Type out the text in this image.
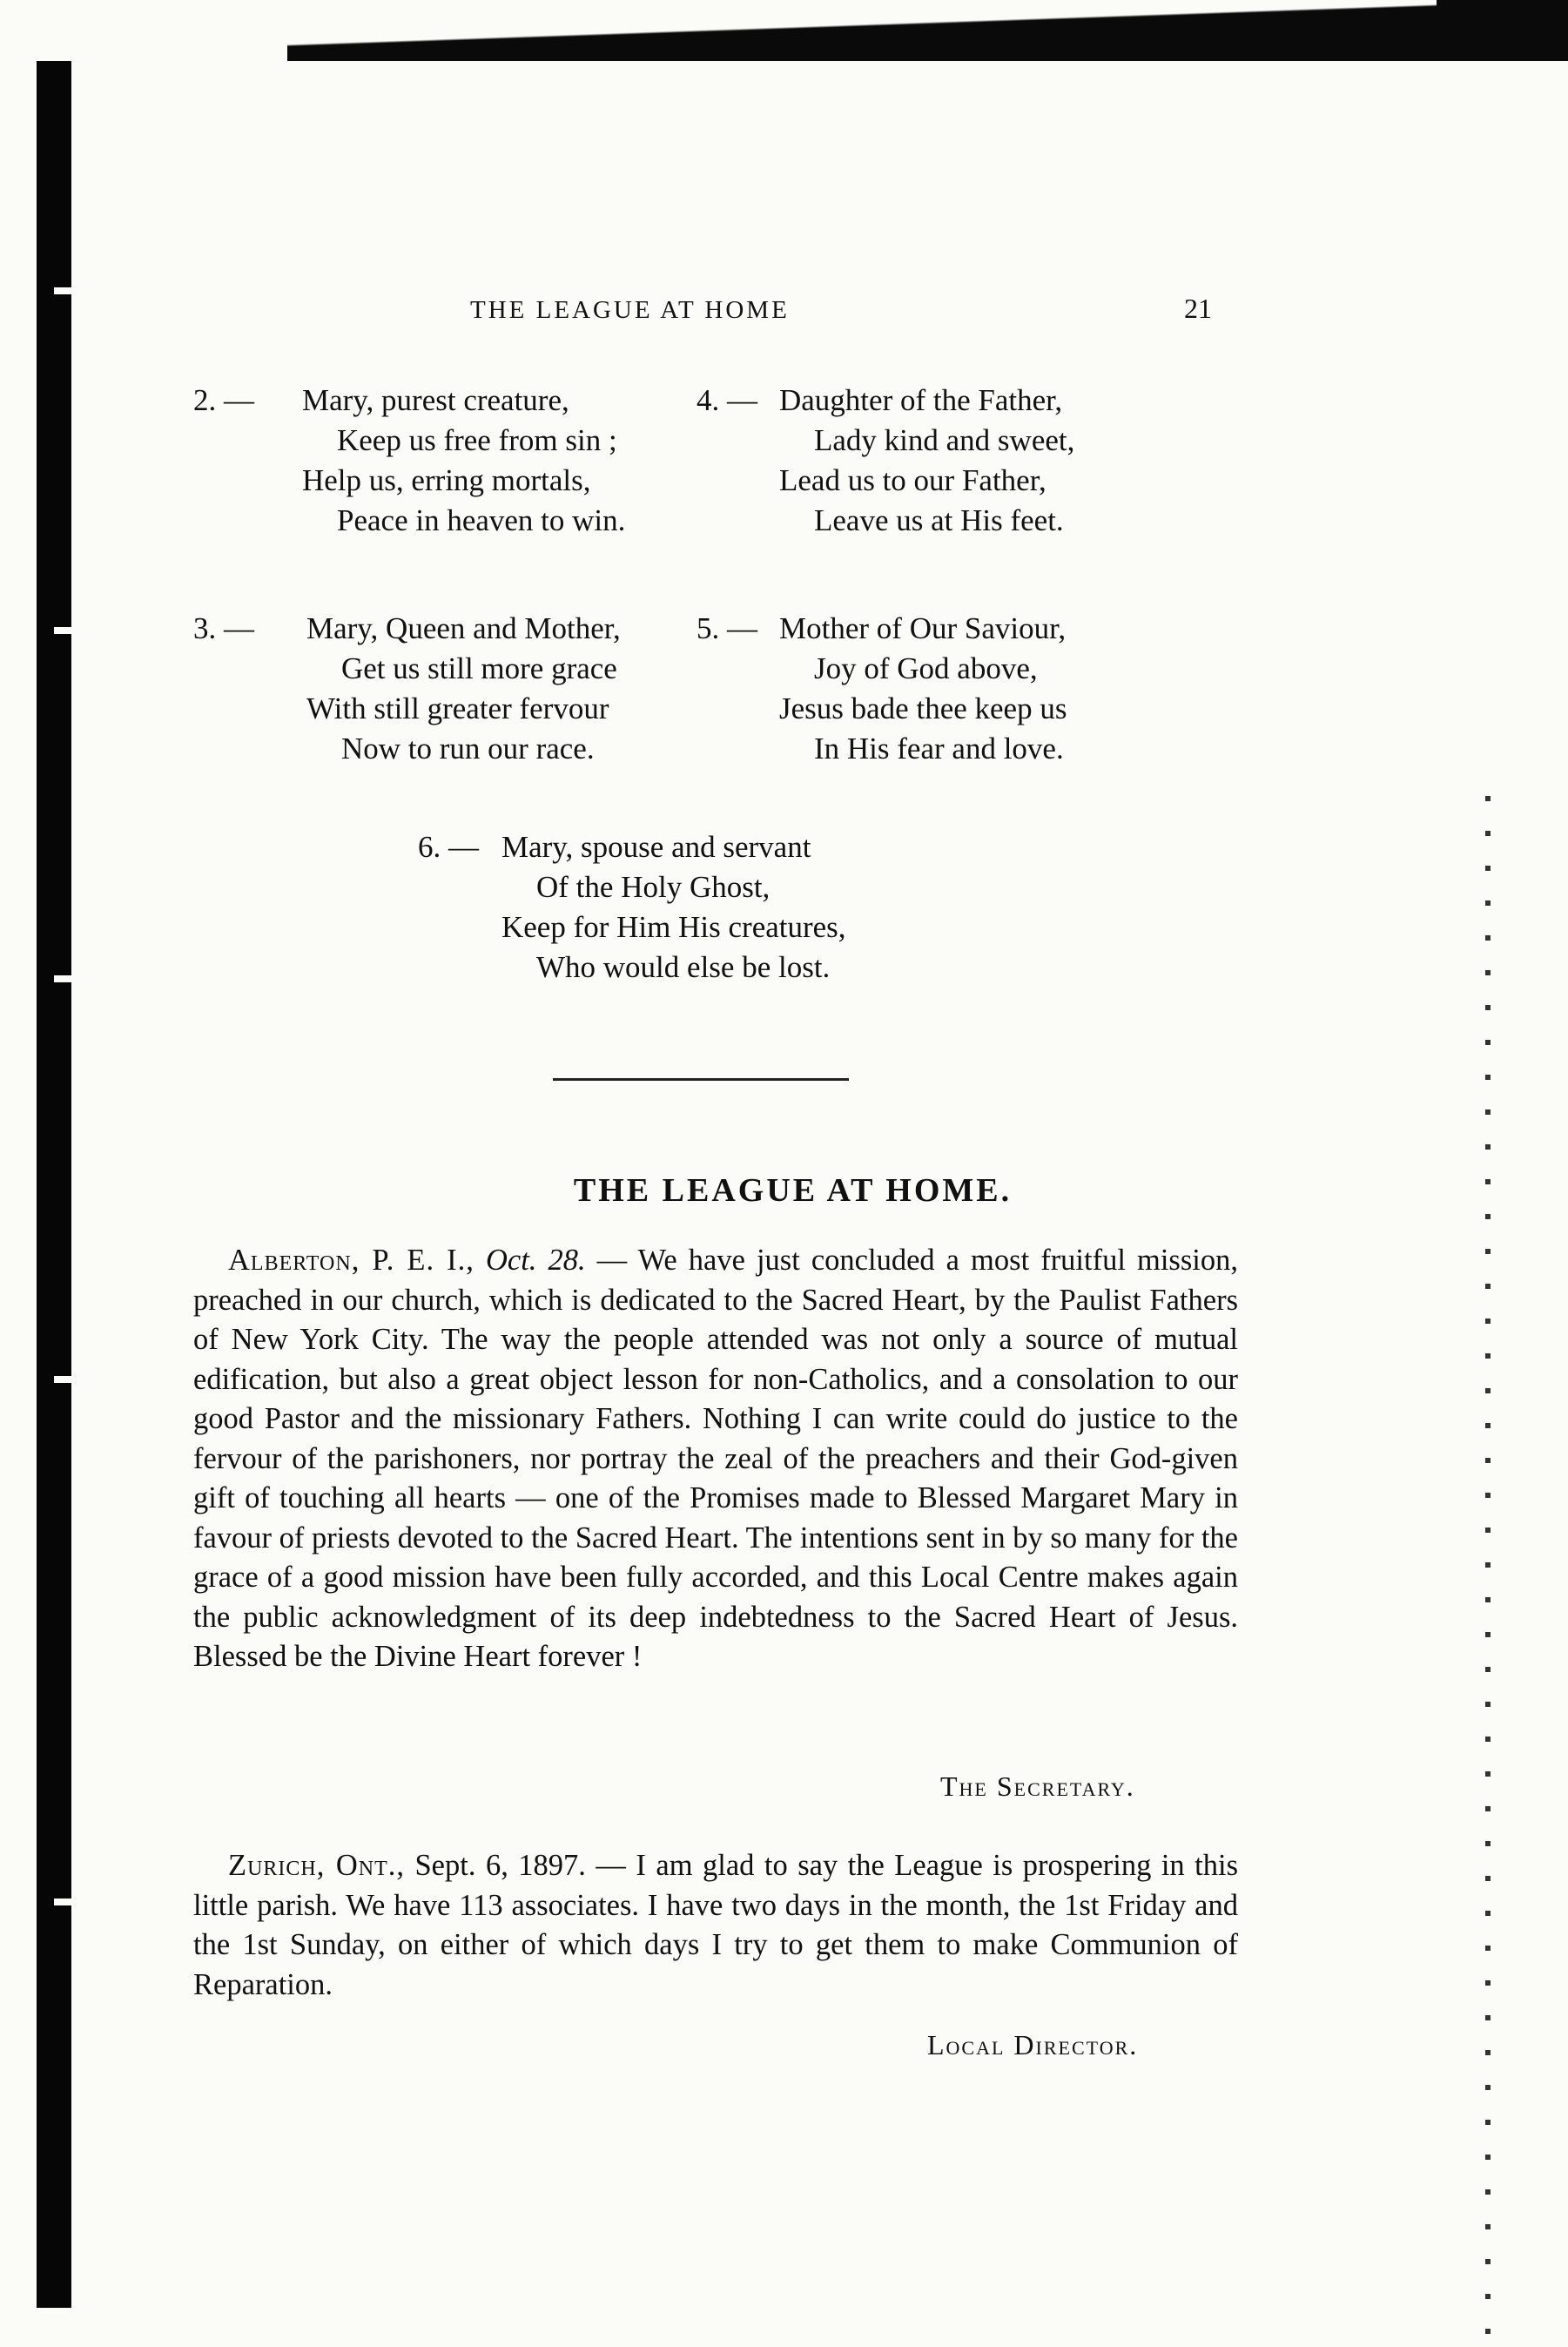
THE LEAGUE AT HOME	21
2. — Mary, purest creature,
Keep us free from sin ;
Help us, erring mortals,
Peace in heaven to win.
4. — Daughter of the Father,
Lady kind and sweet,
Lead us to our Father,
Leave us at His feet.
3. — Mary, Queen and Mother,
Get us still more grace
With still greater fervour
Now to run our race.
5. — Mother of Our Saviour,
Joy of God above,
Jesus bade thee keep us
In His fear and love.
6. — Mary, spouse and servant
Of the Holy Ghost,
Keep for Him His creatures,
Who would else be lost.
THE LEAGUE AT HOME.

Alberton, P. E. I., Oct. 28. — We have just concluded a most fruitful mission, preached in our church, which is dedicated to the Sacred Heart, by the Paulist Fathers of New York City. The way the people attended was not only a source of mutual edification, but also a great object lesson for non-Catholics, and a consolation to our good Pastor and the missionary Fathers. Nothing I can write could do justice to the fervour of the parishoners, nor portray the zeal of the preachers and their God-given gift of touching all hearts — one of the Promises made to Blessed Margaret Mary in favour of priests devoted to the Sacred Heart. The intentions sent in by so many for the grace of a good mission have been fully accorded, and this Local Centre makes again the public acknowledgment of its deep indebtedness to the Sacred Heart of Jesus. Blessed be the Divine Heart forever !

The Secretary.

Zurich, Ont., Sept. 6, 1897. — I am glad to say the League is prospering in this little parish. We have 113 associates. I have two days in the month, the 1st Friday and the 1st Sunday, on either of which days I try to get them to make Communion of Reparation.

Local Director.
